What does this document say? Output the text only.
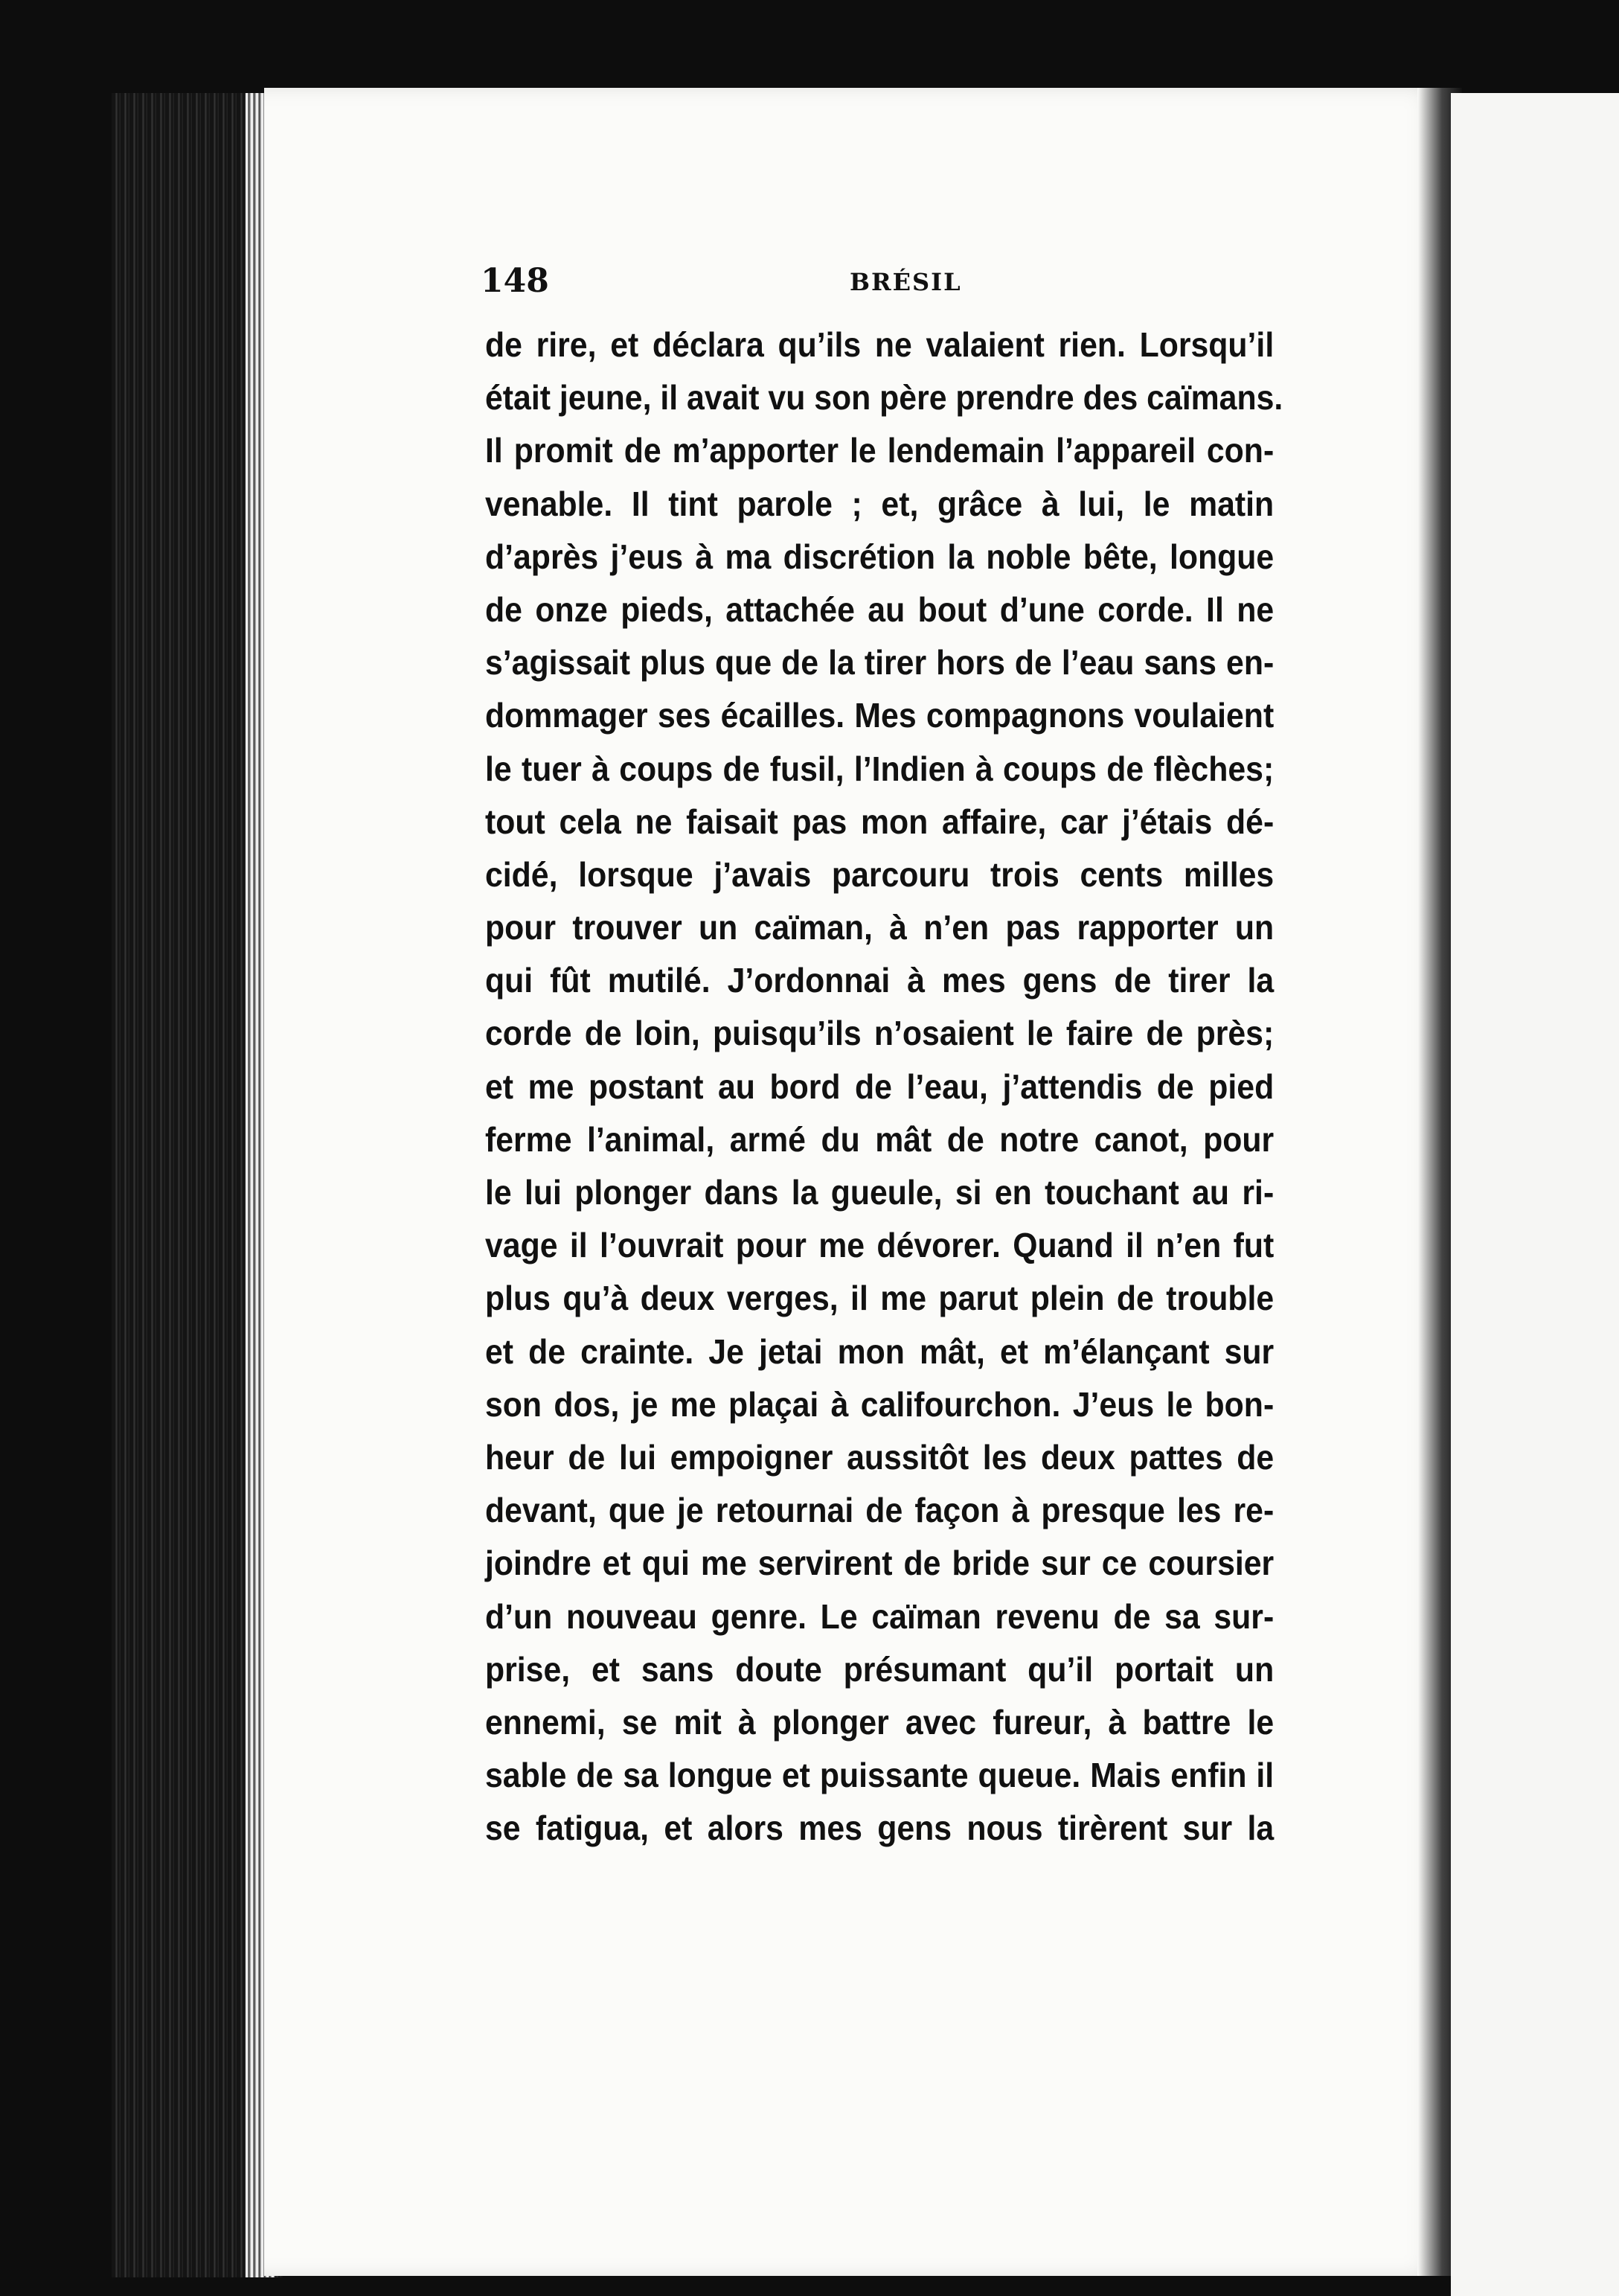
148	BRÉSIL
de rire, et déclara qu’ils ne valaient rien. Lorsqu’il
était jeune, il avait vu son père prendre des caïmans.
Il promit de m’apporter le lendemain l’appareil con-
venable. Il tint parole ; et, grâce à lui, le matin
d’après j’eus à ma discrétion la noble bête, longue
de onze pieds, attachée au bout d’une corde. Il ne
s’agissait plus que de la tirer hors de l’eau sans en-
dommager ses écailles. Mes compagnons voulaient
le tuer à coups de fusil, l’Indien à coups de flèches;
tout cela ne faisait pas mon affaire, car j’étais dé-
cidé, lorsque j’avais parcouru trois cents milles
pour trouver un caïman, à n’en pas rapporter un
qui fût mutilé. J’ordonnai à mes gens de tirer la
corde de loin, puisqu’ils n’osaient le faire de près;
et me postant au bord de l’eau, j’attendis de pied
ferme l’animal, armé du mât de notre canot, pour
le lui plonger dans la gueule, si en touchant au ri-
vage il l’ouvrait pour me dévorer. Quand il n’en fut
plus qu’à deux verges, il me parut plein de trouble
et de crainte. Je jetai mon mât, et m’élançant sur
son dos, je me plaçai à califourchon. J’eus le bon-
heur de lui empoigner aussitôt les deux pattes de
devant, que je retournai de façon à presque les re-
joindre et qui me servirent de bride sur ce coursier
d’un nouveau genre. Le caïman revenu de sa sur-
prise, et sans doute présumant qu’il portait un
ennemi, se mit à plonger avec fureur, à battre le
sable de sa longue et puissante queue. Mais enfin il
se fatigua, et alors mes gens nous tirèrent sur la
